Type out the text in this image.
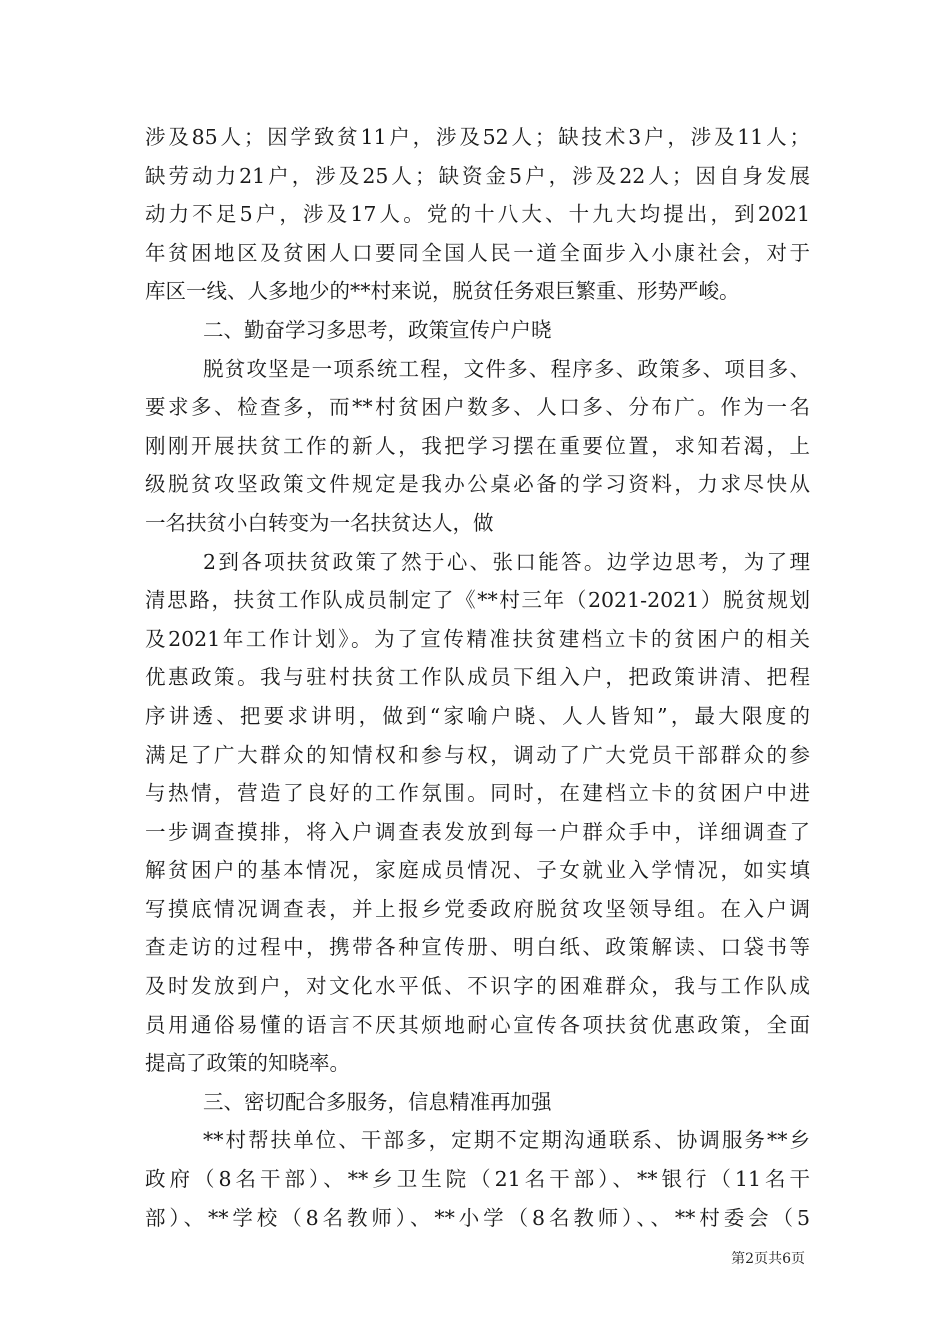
涉及85人；因学致贫11户，涉及52人；缺技术3户，涉及11人；
缺劳动力21户，涉及25人；缺资金5户，涉及22人；因自身发展
动力不足5户，涉及17人。党的十八大、十九大均提出，到2021
年贫困地区及贫困人口要同全国人民一道全面步入小康社会，对于
库区一线、人多地少的**村来说，脱贫任务艰巨繁重、形势严峻。
二、勤奋学习多思考，政策宣传户户晓
脱贫攻坚是一项系统工程，文件多、程序多、政策多、项目多、
要求多、检查多，而**村贫困户数多、人口多、分布广。作为一名
刚刚开展扶贫工作的新人，我把学习摆在重要位置，求知若渴，上
级脱贫攻坚政策文件规定是我办公桌必备的学习资料，力求尽快从
一名扶贫小白转变为一名扶贫达人，做
2到各项扶贫政策了然于心、张口能答。边学边思考，为了理
清思路，扶贫工作队成员制定了《**村三年（2021-2021）脱贫规划
及2021年工作计划》。为了宣传精准扶贫建档立卡的贫困户的相关
优惠政策。我与驻村扶贫工作队成员下组入户，把政策讲清、把程
序讲透、把要求讲明，做到“家喻户晓、人人皆知”，最大限度的
满足了广大群众的知情权和参与权，调动了广大党员干部群众的参
与热情，营造了良好的工作氛围。同时，在建档立卡的贫困户中进
一步调查摸排，将入户调查表发放到每一户群众手中，详细调查了
解贫困户的基本情况，家庭成员情况、子女就业入学情况，如实填
写摸底情况调查表，并上报乡党委政府脱贫攻坚领导组。在入户调
查走访的过程中，携带各种宣传册、明白纸、政策解读、口袋书等
及时发放到户，对文化水平低、不识字的困难群众，我与工作队成
员用通俗易懂的语言不厌其烦地耐心宣传各项扶贫优惠政策，全面
提高了政策的知晓率。
三、密切配合多服务，信息精准再加强
**村帮扶单位、干部多，定期不定期沟通联系、协调服务**乡
政府（8名干部）、**乡卫生院（21名干部）、**银行（11名干
部）、**学校（8名教师）、**小学（8名教师）、、**村委会（5
第2页共6页
